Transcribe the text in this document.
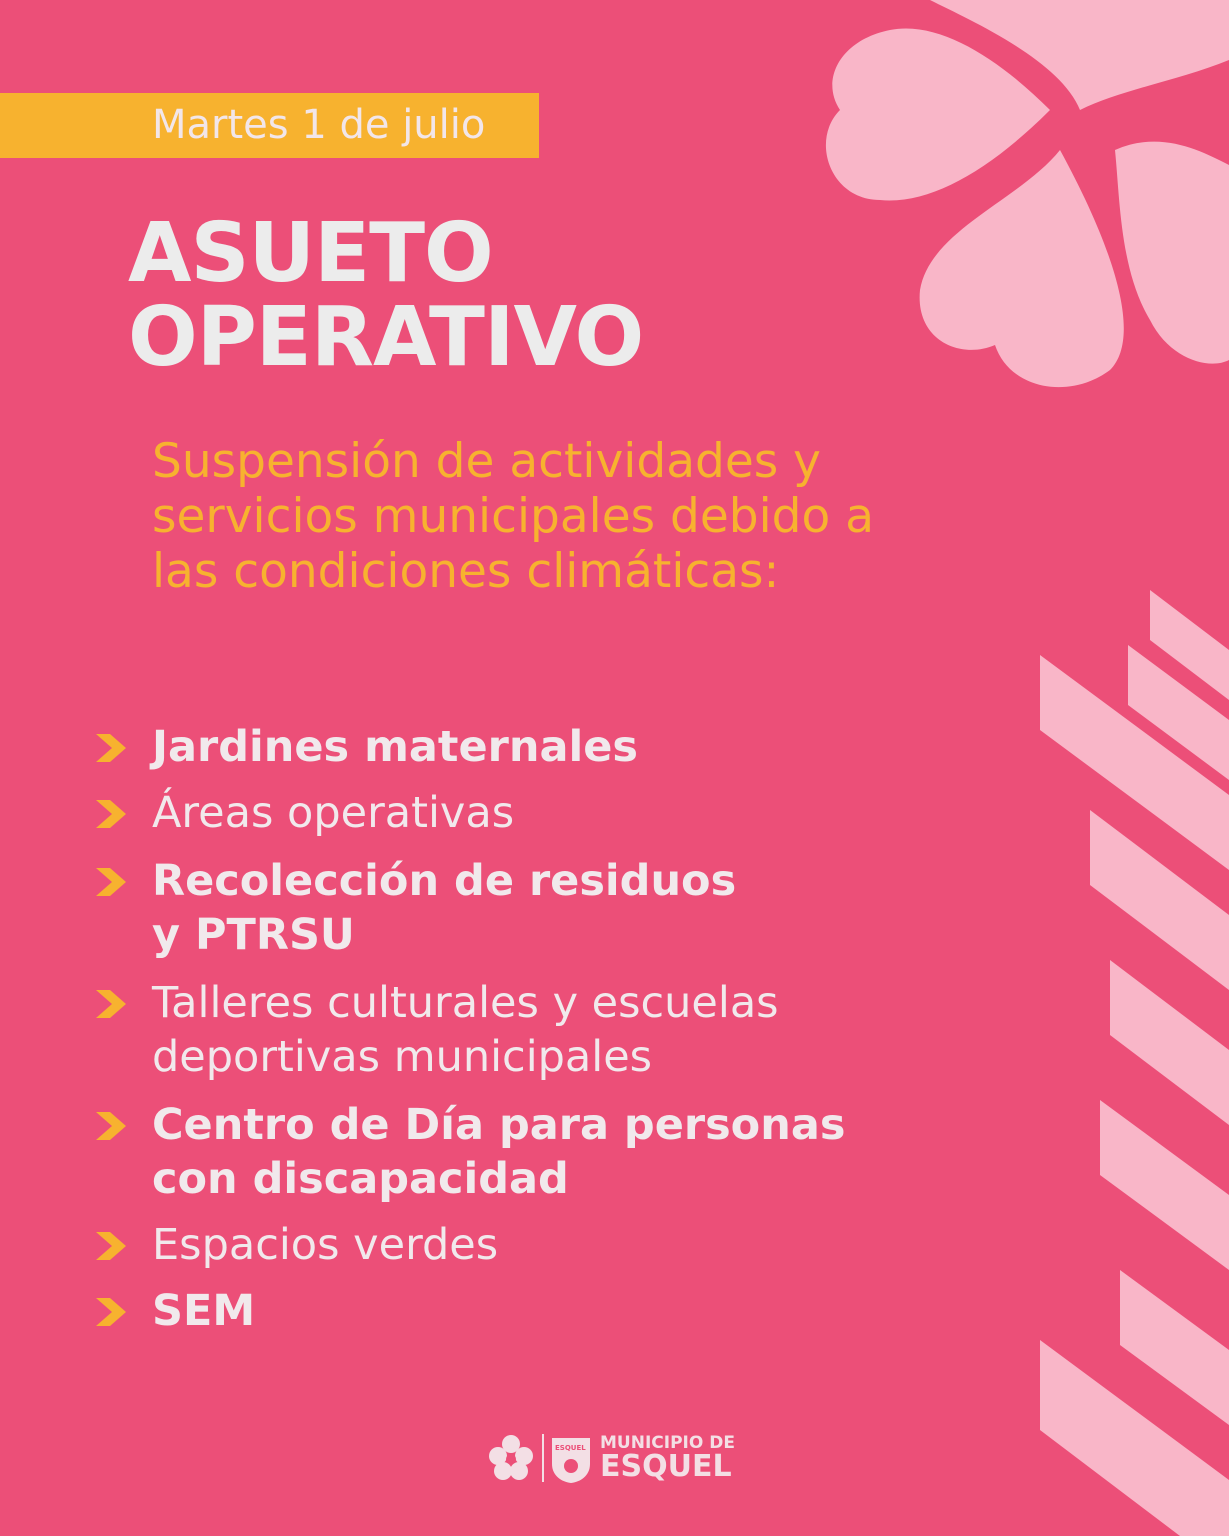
Martes 1 de julio
ASUETO
OPERATIVO
Suspensión de actividades y servicios municipales debido a las condiciones climáticas:
Jardines maternales
Áreas operativas
Recolección de residuos
y PTRSU
Talleres culturales y escuelas
deportivas municipales
Centro de Día para personas
con discapacidad
Espacios verdes
SEM
ESQUEL MUNICIPIO DE
ESQUEL
